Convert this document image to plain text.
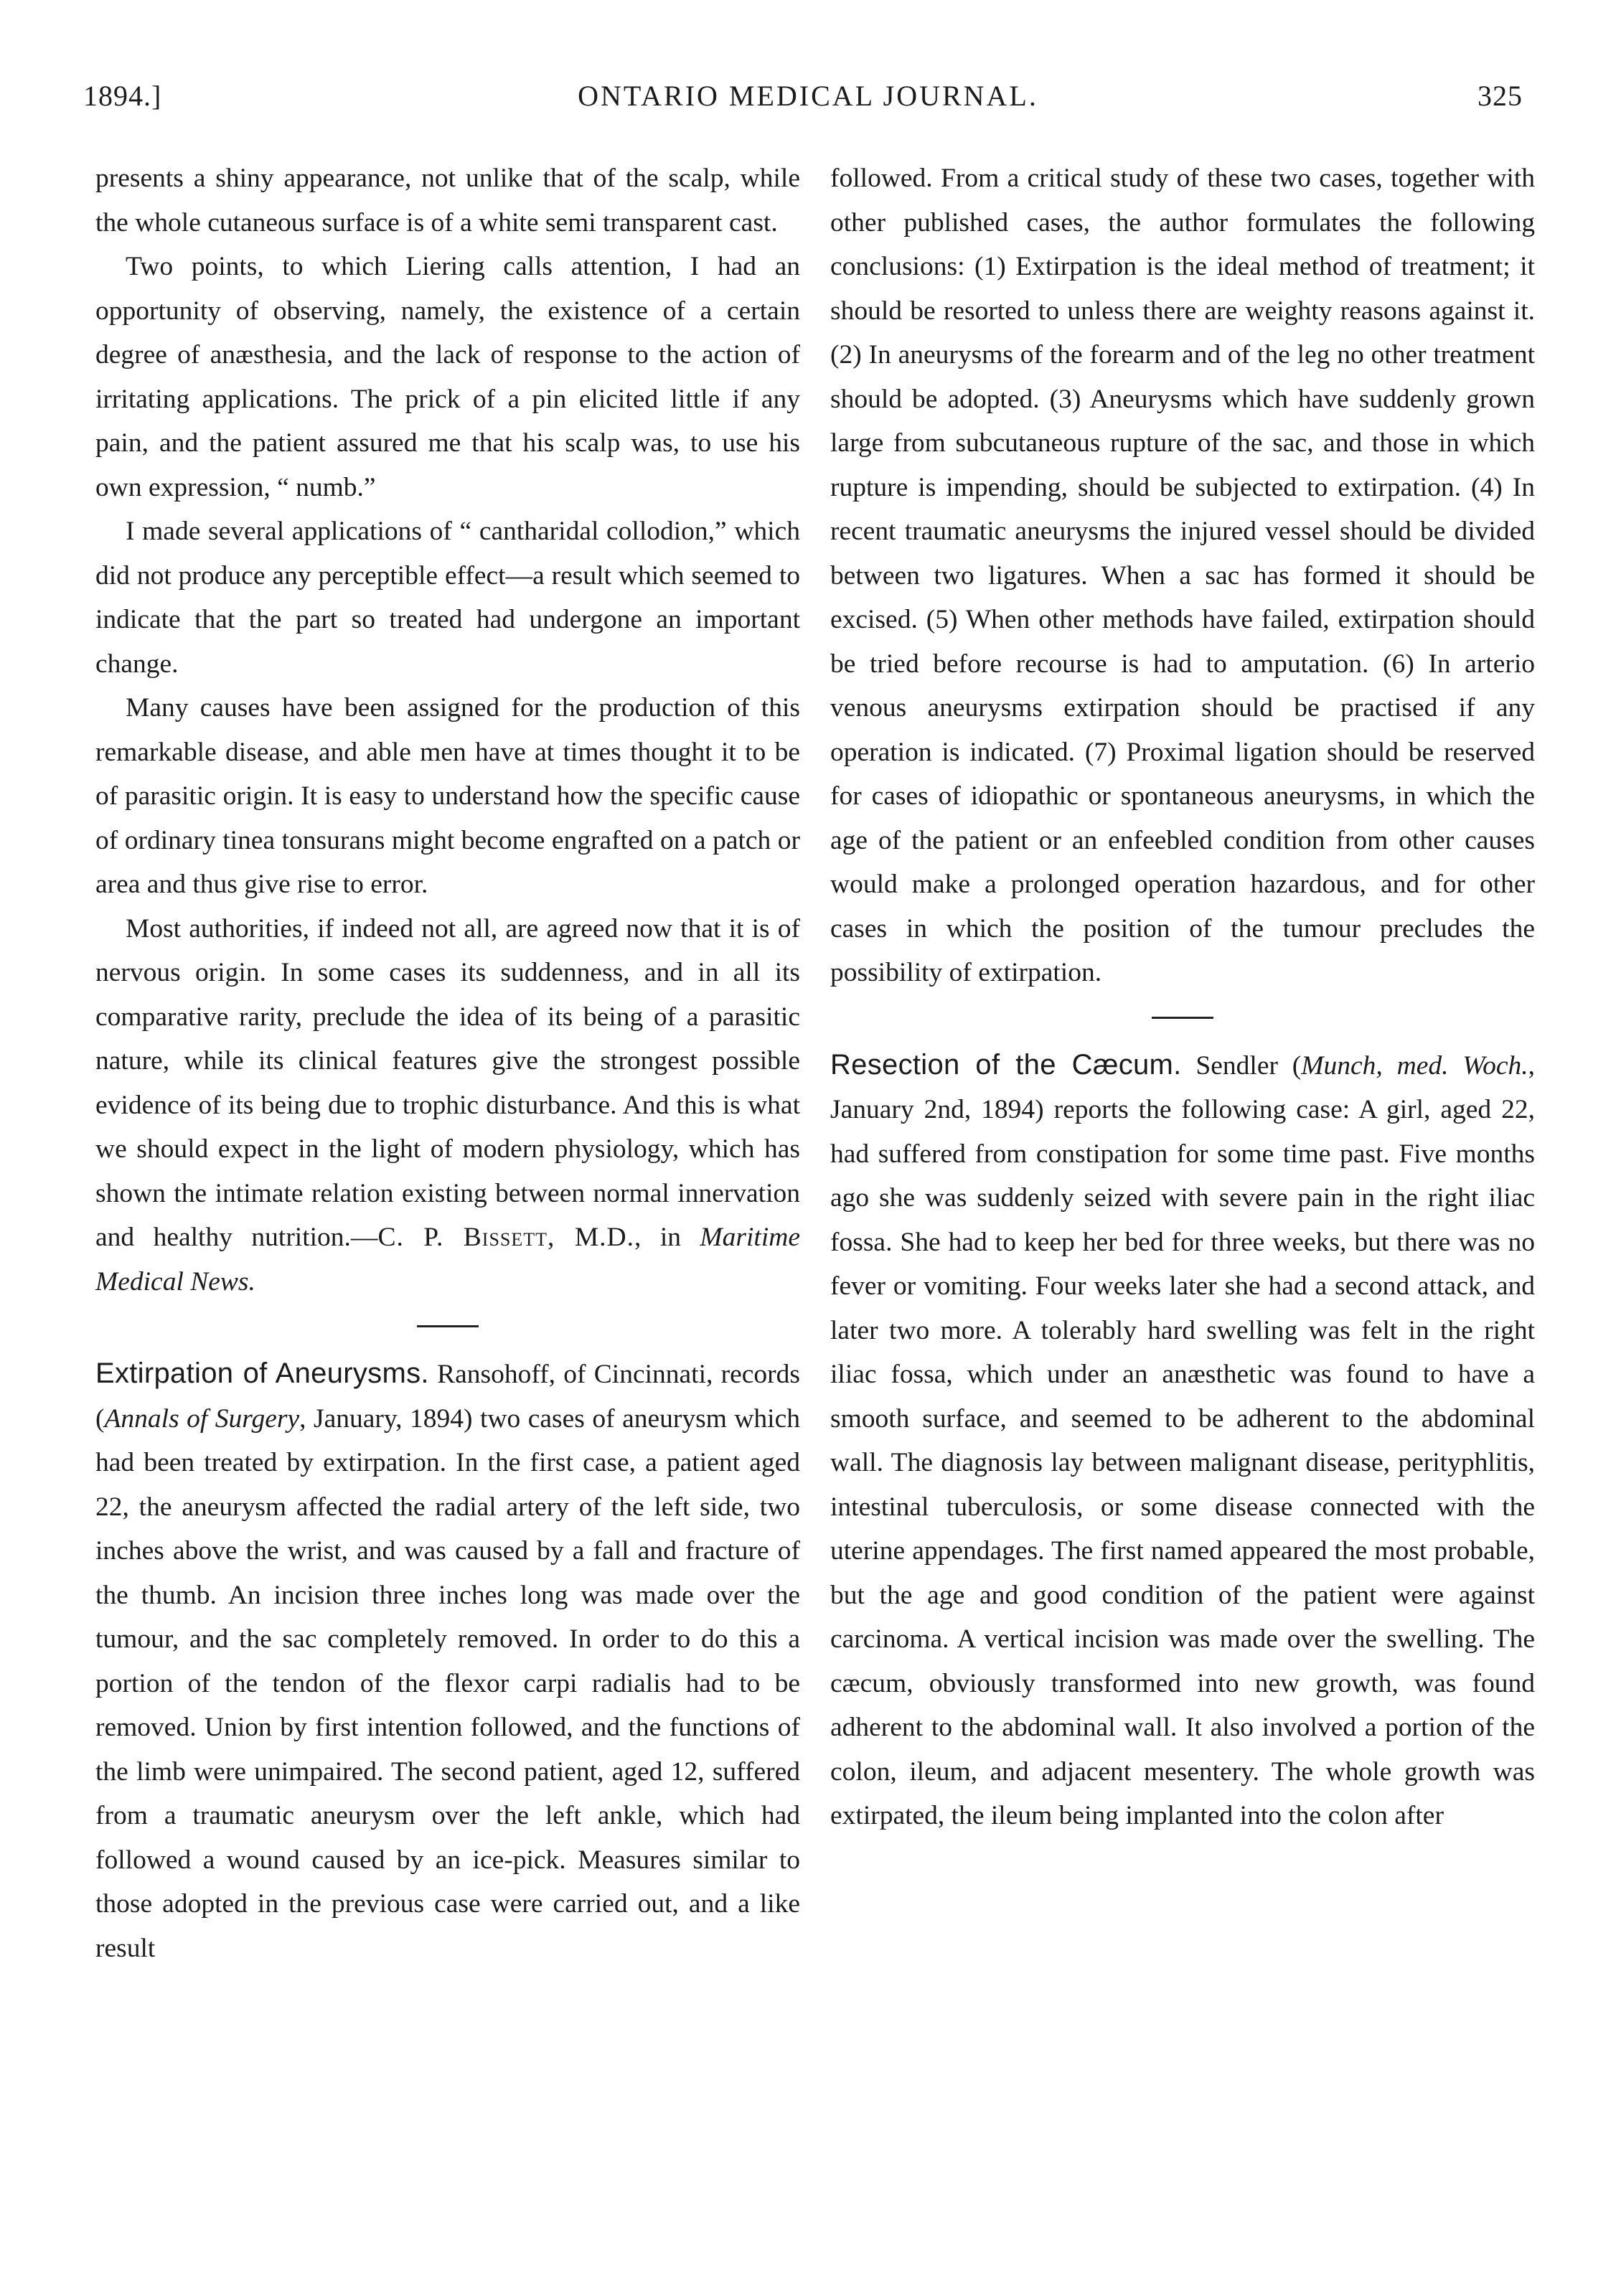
1894.]	ONTARIO MEDICAL JOURNAL.	325

presents a shiny appearance, not unlike that of the scalp, while the whole cutaneous surface is of a white semi transparent cast.

Two points, to which Liering calls attention, I had an opportunity of observing, namely, the existence of a certain degree of anæsthesia, and the lack of response to the action of irritating applications. The prick of a pin elicited little if any pain, and the patient assured me that his scalp was, to use his own expression, “ numb.”

I made several applications of “ cantharidal collodion,” which did not produce any perceptible effect—a result which seemed to indicate that the part so treated had undergone an important change.

Many causes have been assigned for the production of this remarkable disease, and able men have at times thought it to be of parasitic origin. It is easy to understand how the specific cause of ordinary tinea tonsurans might become engrafted on a patch or area and thus give rise to error.

Most authorities, if indeed not all, are agreed now that it is of nervous origin. In some cases its suddenness, and in all its comparative rarity, preclude the idea of its being of a parasitic nature, while its clinical features give the strongest possible evidence of its being due to trophic disturbance. And this is what we should expect in the light of modern physiology, which has shown the intimate relation existing between normal innervation and healthy nutrition.—C. P. Bissett, M.D., in Maritime Medical News.

Extirpation of Aneurysms. Ransohoff, of Cincinnati, records (Annals of Surgery, January, 1894) two cases of aneurysm which had been treated by extirpation. In the first case, a patient aged 22, the aneurysm affected the radial artery of the left side, two inches above the wrist, and was caused by a fall and fracture of the thumb. An incision three inches long was made over the tumour, and the sac completely removed. In order to do this a portion of the tendon of the flexor carpi radialis had to be removed. Union by first intention followed, and the functions of the limb were unimpaired. The second patient, aged 12, suffered from a traumatic aneurysm over the left ankle, which had followed a wound caused by an ice-pick. Measures similar to those adopted in the previous case were carried out, and a like result

followed. From a critical study of these two cases, together with other published cases, the author formulates the following conclusions: (1) Extirpation is the ideal method of treatment; it should be resorted to unless there are weighty reasons against it. (2) In aneurysms of the forearm and of the leg no other treatment should be adopted. (3) Aneurysms which have suddenly grown large from subcutaneous rupture of the sac, and those in which rupture is impending, should be subjected to extirpation. (4) In recent traumatic aneurysms the injured vessel should be divided between two ligatures. When a sac has formed it should be excised. (5) When other methods have failed, extirpation should be tried before recourse is had to amputation. (6) In arterio venous aneurysms extirpation should be practised if any operation is indicated. (7) Proximal ligation should be reserved for cases of idiopathic or spontaneous aneurysms, in which the age of the patient or an enfeebled condition from other causes would make a prolonged operation hazardous, and for other cases in which the position of the tumour precludes the possibility of extirpation.

Resection of the Cæcum. Sendler (Munch, med. Woch., January 2nd, 1894) reports the following case: A girl, aged 22, had suffered from constipation for some time past. Five months ago she was suddenly seized with severe pain in the right iliac fossa. She had to keep her bed for three weeks, but there was no fever or vomiting. Four weeks later she had a second attack, and later two more. A tolerably hard swelling was felt in the right iliac fossa, which under an anæsthetic was found to have a smooth surface, and seemed to be adherent to the abdominal wall. The diagnosis lay between malignant disease, perityphlitis, intestinal tuberculosis, or some disease connected with the uterine appendages. The first named appeared the most probable, but the age and good condition of the patient were against carcinoma. A vertical incision was made over the swelling. The cæcum, obviously transformed into new growth, was found adherent to the abdominal wall. It also involved a portion of the colon, ileum, and adjacent mesentery. The whole growth was extirpated, the ileum being implanted into the colon after
